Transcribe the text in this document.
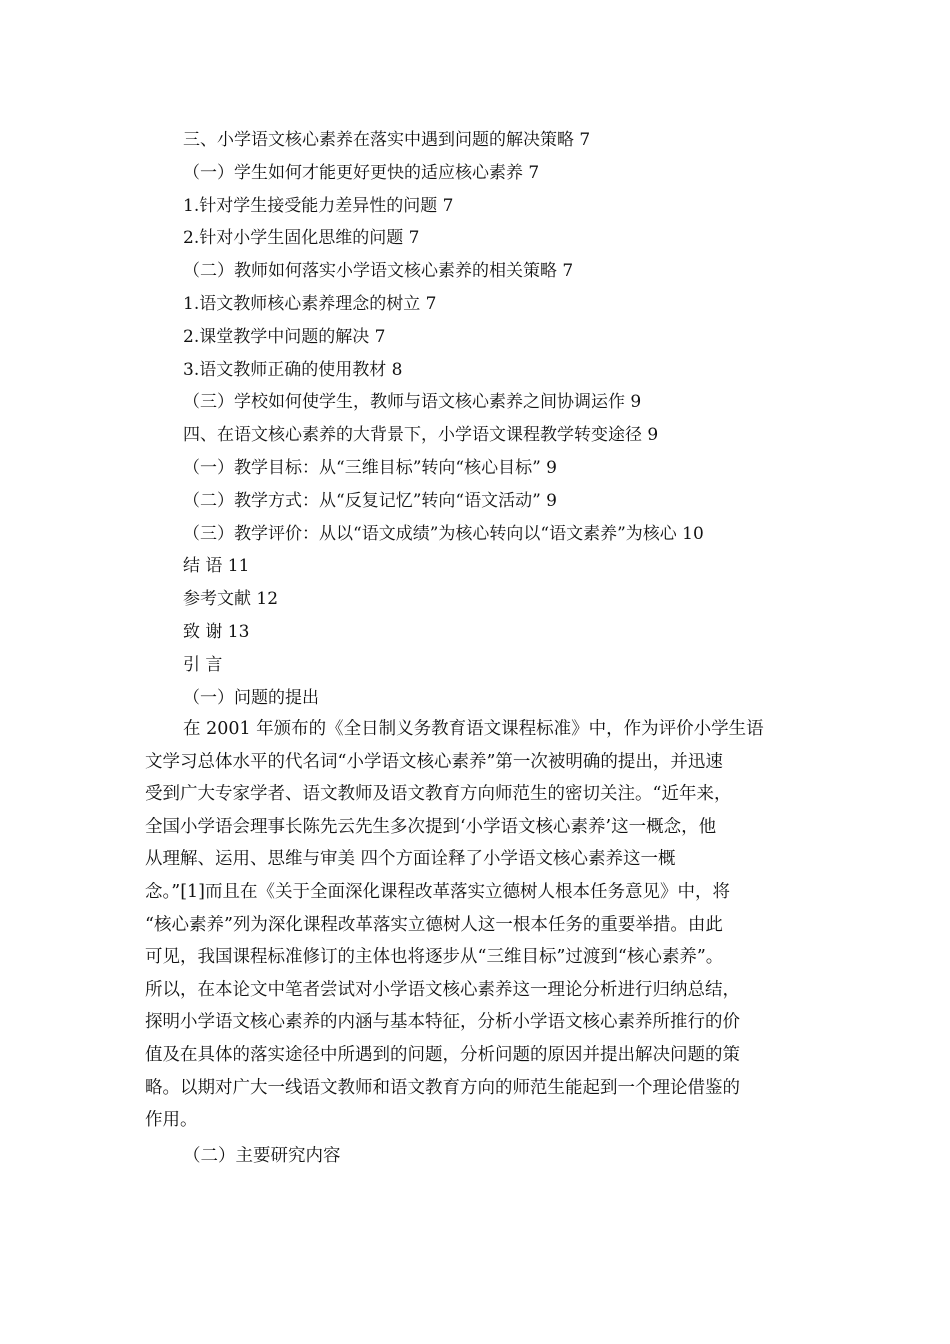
三、小学语文核心素养在落实中遇到问题的解决策略 7
（一）学生如何才能更好更快的适应核心素养 7
1.针对学生接受能力差异性的问题 7
2.针对小学生固化思维的问题 7
（二）教师如何落实小学语文核心素养的相关策略 7
1.语文教师核心素养理念的树立 7
2.课堂教学中问题的解决 7
3.语文教师正确的使用教材 8
（三）学校如何使学生，教师与语文核心素养之间协调运作 9
四、在语文核心素养的大背景下，小学语文课程教学转变途径 9
（一）教学目标：从“三维目标”转向“核心目标” 9
（二）教学方式：从“反复记忆”转向“语文活动” 9
（三）教学评价：从以“语文成绩”为核心转向以“语文素养”为核心 10
结 语 11
参考文献 12
致 谢 13
引 言
（一）问题的提出
在 2001 年颁布的《全日制义务教育语文课程标准》中，作为评价小学生语
文学习总体水平的代名词“小学语文核心素养”第一次被明确的提出，并迅速
受到广大专家学者、语文教师及语文教育方向师范生的密切关注。“近年来，
全国小学语会理事长陈先云先生多次提到‘小学语文核心素养’这一概念，他
从理解、运用、思维与审美 四个方面诠释了小学语文核心素养这一概
念。”[1]而且在《关于全面深化课程改革落实立德树人根本任务意见》中，将
“核心素养”列为深化课程改革落实立德树人这一根本任务的重要举措。由此
可见，我国课程标准修订的主体也将逐步从“三维目标”过渡到“核心素养”。
所以，在本论文中笔者尝试对小学语文核心素养这一理论分析进行归纳总结，
探明小学语文核心素养的内涵与基本特征，分析小学语文核心素养所推行的价
值及在具体的落实途径中所遇到的问题，分析问题的原因并提出解决问题的策
略。以期对广大一线语文教师和语文教育方向的师范生能起到一个理论借鉴的
作用。
（二）主要研究内容
